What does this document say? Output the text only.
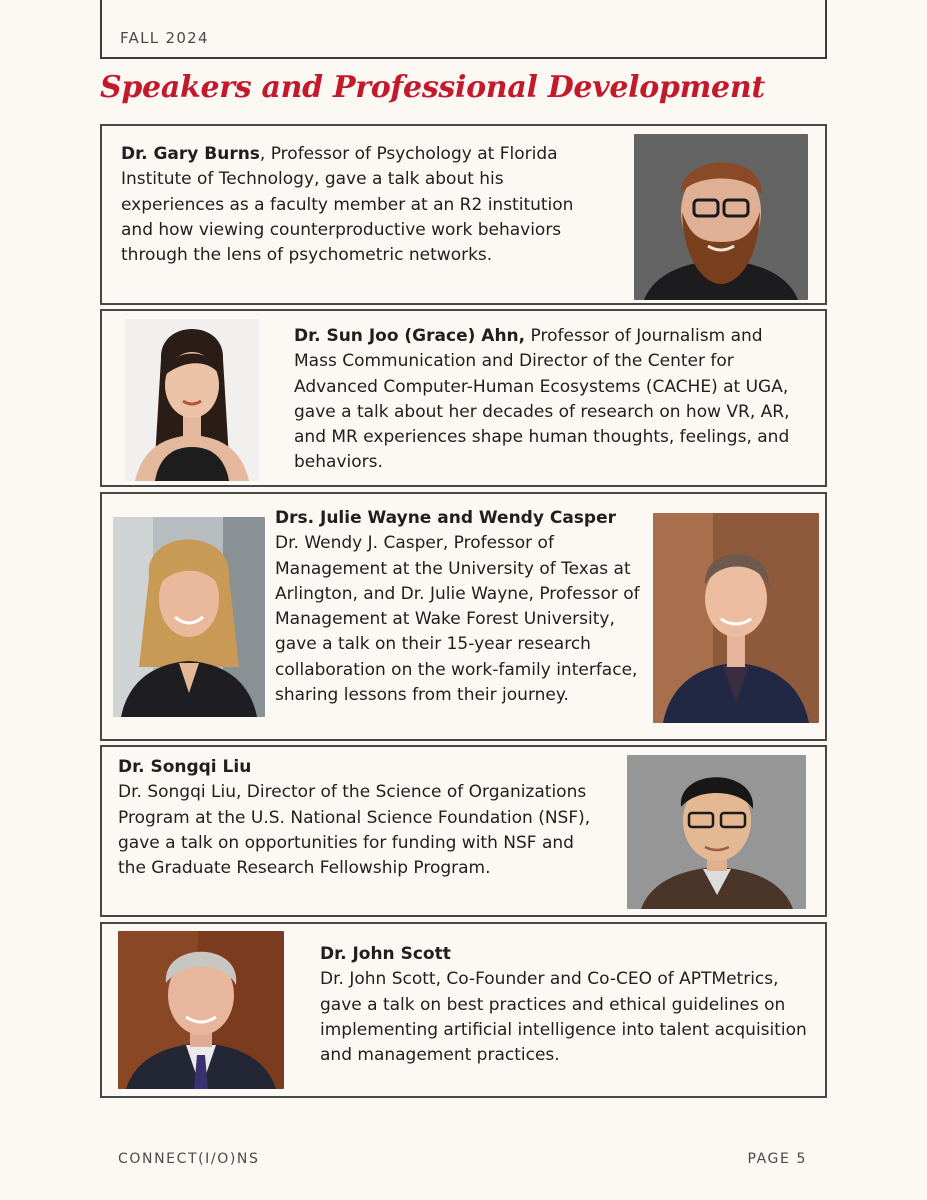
FALL 2024
Speakers and Professional Development
Dr. Gary Burns, Professor of Psychology at Florida Institute of Technology, gave a talk about his experiences as a faculty member at an R2 institution and how viewing counterproductive work behaviors through the lens of psychometric networks.
Dr. Sun Joo (Grace) Ahn, Professor of Journalism and Mass Communication and Director of the Center for Advanced Computer-Human Ecosystems (CACHE) at UGA, gave a talk about her decades of research on how VR, AR, and MR experiences shape human thoughts, feelings, and behaviors.
Drs. Julie Wayne and Wendy Casper
Dr. Wendy J. Casper, Professor of Management at the University of Texas at Arlington, and Dr. Julie Wayne, Professor of Management at Wake Forest University, gave a talk on their 15-year research collaboration on the work-family interface, sharing lessons from their journey.
Dr. Songqi Liu
Dr. Songqi Liu, Director of the Science of Organizations Program at the U.S. National Science Foundation (NSF), gave a talk on opportunities for funding with NSF and the Graduate Research Fellowship Program.
Dr. John Scott
Dr. John Scott, Co-Founder and Co-CEO of APTMetrics, gave a talk on best practices and ethical guidelines on implementing artificial intelligence into talent acquisition and management practices.
CONNECT(I/O)NS	PAGE 5
